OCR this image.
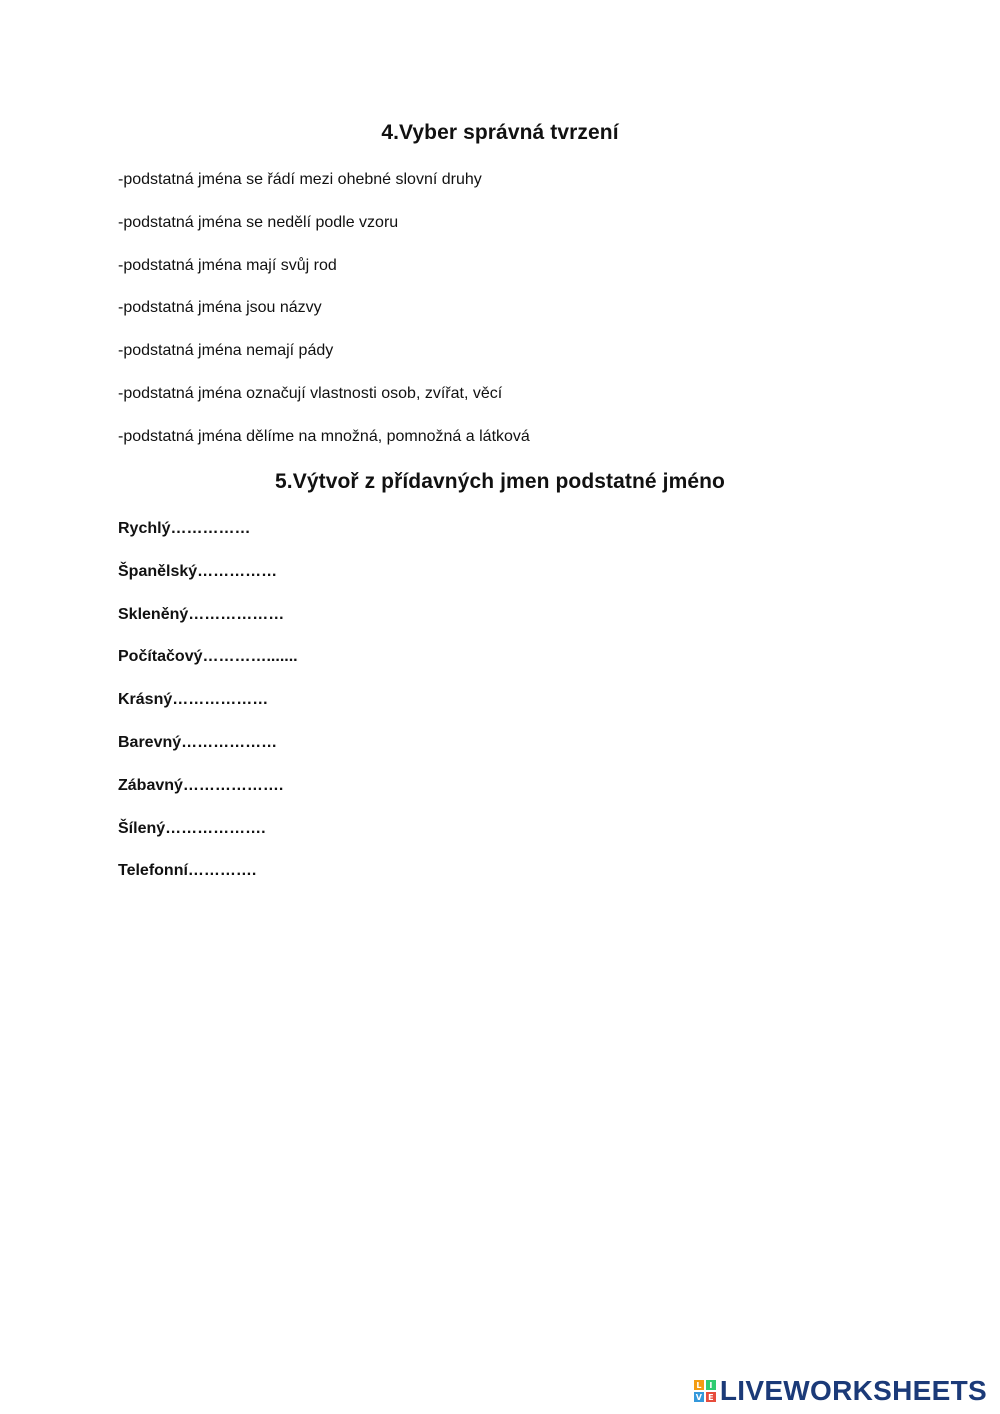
4.Vyber správná tvrzení
-podstatná jména se řádí mezi ohebné slovní druhy
-podstatná jména se nedělí podle vzoru
-podstatná jména mají svůj rod
-podstatná jména jsou názvy
-podstatná jména nemají pády
-podstatná jména označují vlastnosti osob, zvířat, věcí
-podstatná jména dělíme na množná, pomnožná a látková
5.Výtvoř z přídavných jmen podstatné jméno
Rychlý……………
Španělský……………
Skleněný………………
Počítačový………….......
Krásný………………
Barevný………………
Zábavný……………….
Šílený……………….
Telefonní………….
L I
V E LIVEWORKSHEETS
